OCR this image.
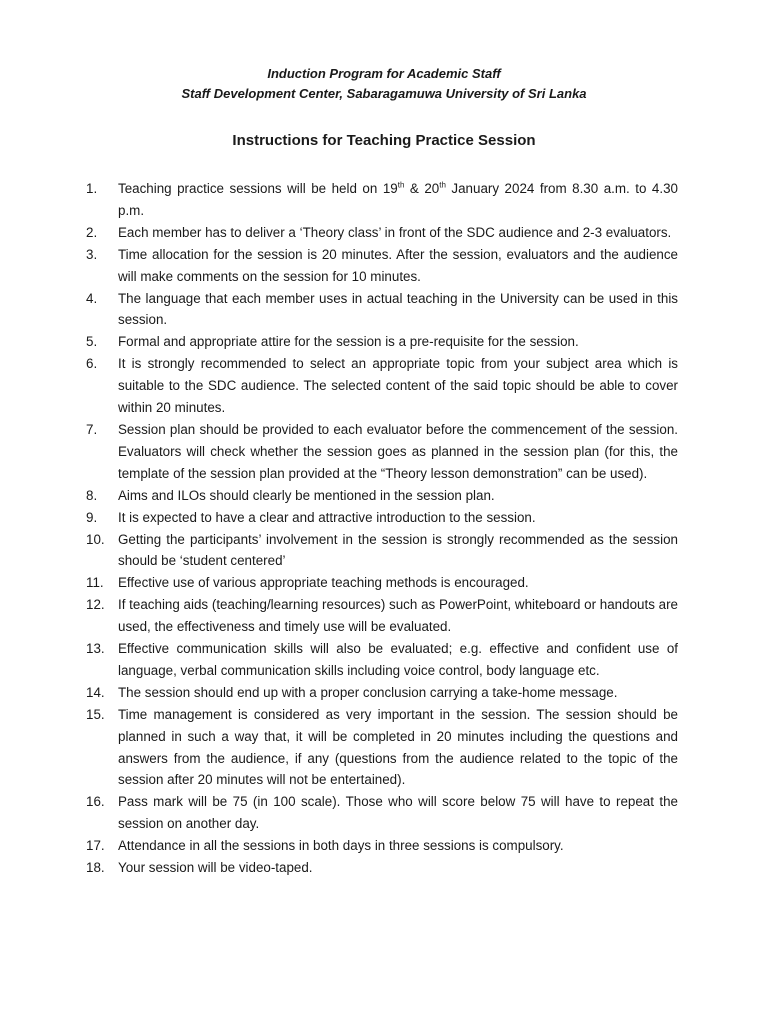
Induction Program for Academic Staff
Staff Development Center, Sabaragamuwa University of Sri Lanka
Instructions for Teaching Practice Session
1.	Teaching practice sessions will be held on 19th & 20th January 2024 from 8.30 a.m. to 4.30 p.m.
2.	Each member has to deliver a ‘Theory class’ in front of the SDC audience and 2-3 evaluators.
3.	Time allocation for the session is 20 minutes. After the session, evaluators and the audience will make comments on the session for 10 minutes.
4.	The language that each member uses in actual teaching in the University can be used in this session.
5.	Formal and appropriate attire for the session is a pre-requisite for the session.
6.	It is strongly recommended to select an appropriate topic from your subject area which is suitable to the SDC audience. The selected content of the said topic should be able to cover within 20 minutes.
7.	Session plan should be provided to each evaluator before the commencement of the session. Evaluators will check whether the session goes as planned in the session plan (for this, the template of the session plan provided at the “Theory lesson demonstration” can be used).
8.	Aims and ILOs should clearly be mentioned in the session plan.
9.	It is expected to have a clear and attractive introduction to the session.
10. Getting the participants’ involvement in the session is strongly recommended as the session should be ‘student centered’
11.	Effective use of various appropriate teaching methods is encouraged.
12. If teaching aids (teaching/learning resources) such as PowerPoint, whiteboard or handouts are used, the effectiveness and timely use will be evaluated.
13. Effective communication skills will also be evaluated; e.g. effective and confident use of language, verbal communication skills including voice control, body language etc.
14. The session should end up with a proper conclusion carrying a take-home message.
15. Time management is considered as very important in the session. The session should be planned in such a way that, it will be completed in 20 minutes including the questions and answers from the audience, if any (questions from the audience related to the topic of the session after 20 minutes will not be entertained).
16. Pass mark will be 75 (in 100 scale). Those who will score below 75 will have to repeat the session on another day.
17. Attendance in all the sessions in both days in three sessions is compulsory.
18. Your session will be video-taped.
